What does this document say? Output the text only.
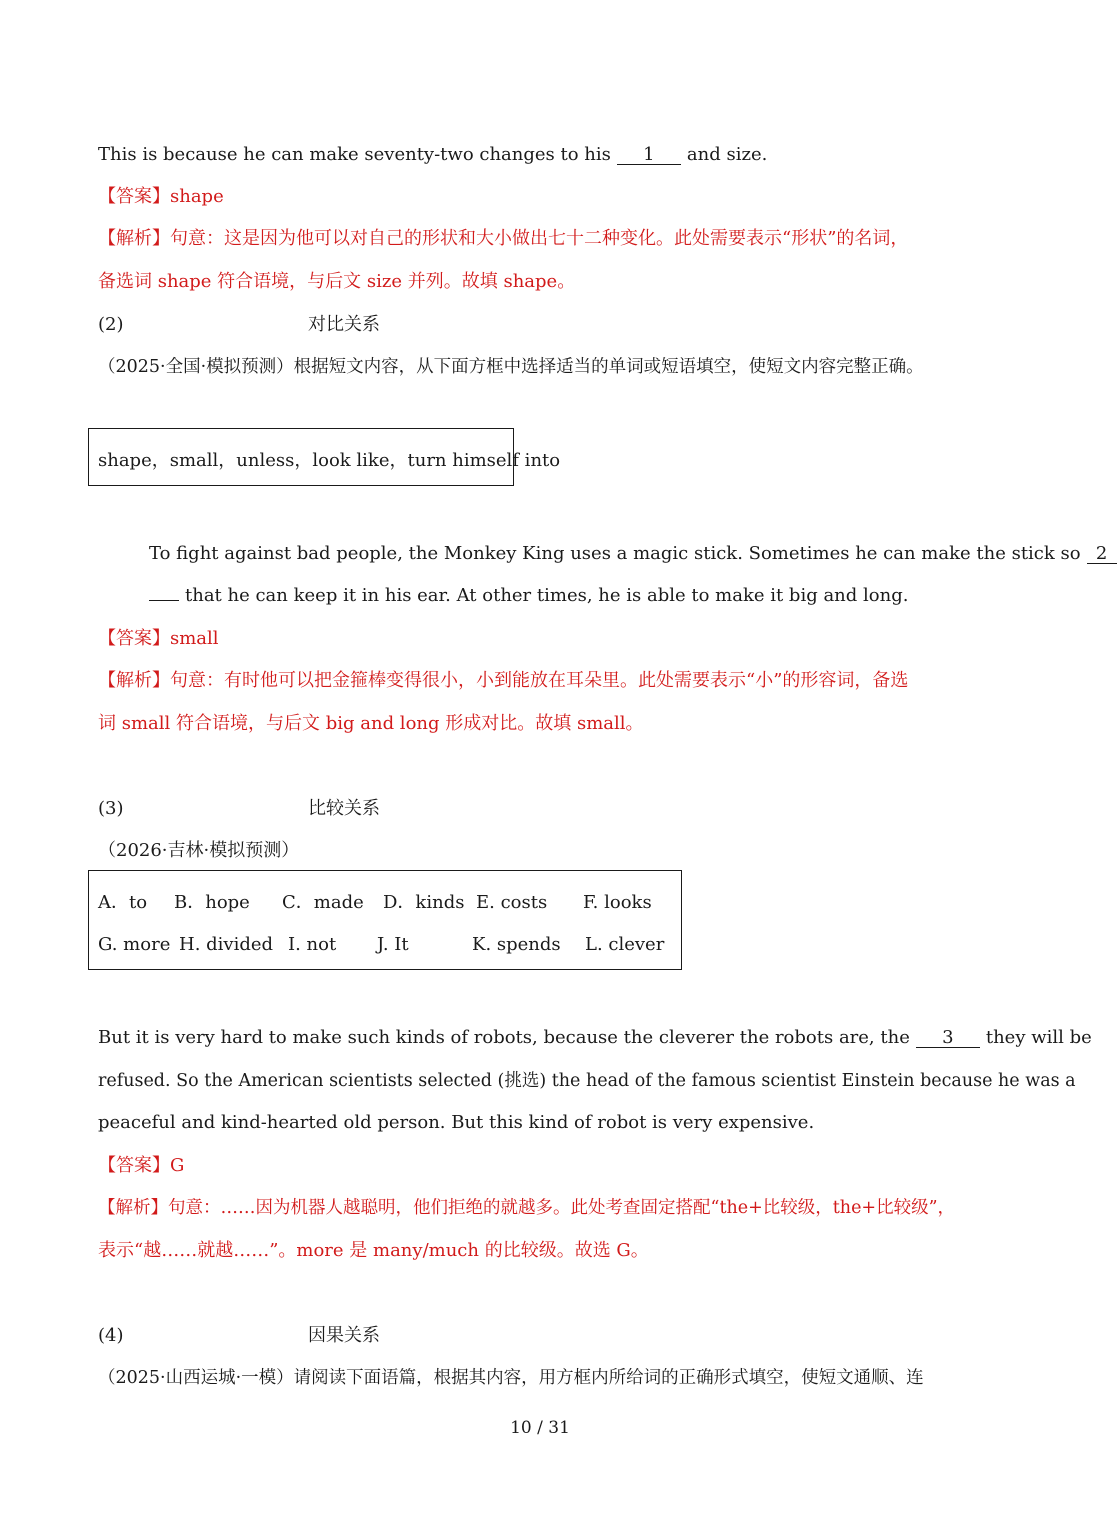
This is because he can make seventy-two changes to his 1 and size.
【答案】shape
【解析】句意：这是因为他可以对自己的形状和大小做出七十二种变化。此处需要表示“形状”的名词，
备选词 shape 符合语境，与后文 size 并列。故填 shape。
(2)	对比关系
（2025·全国·模拟预测）根据短文内容，从下面方框中选择适当的单词或短语填空，使短文内容完整正确。
shape，small，unless，look like，turn himself into
To fight against bad people, the Monkey King uses a magic stick. Sometimes he can make the stick so 2
that he can keep it in his ear. At other times, he is able to make it big and long.
【答案】small
【解析】句意：有时他可以把金箍棒变得很小，小到能放在耳朵里。此处需要表示“小”的形容词，备选
词 small 符合语境，与后文 big and long 形成对比。故填 small。
(3)	比较关系
（2026·吉林·模拟预测）
A．to B．hope C．made D．kinds E. costs F. looks
G. more H. divided I. not J. It	K. spends L. clever
But it is very hard to make such kinds of robots, because the cleverer the robots are, the 3 they will be
refused. So the American scientists selected (挑选) the head of the famous scientist Einstein because he was a
peaceful and kind-hearted old person. But this kind of robot is very expensive.
【答案】G
【解析】句意：……因为机器人越聪明，他们拒绝的就越多。此处考查固定搭配“the+比较级，the+比较级”，
表示“越……就越……”。more 是 many/much 的比较级。故选 G。
(4)	因果关系
（2025·山西运城·一模）请阅读下面语篇，根据其内容，用方框内所给词的正确形式填空，使短文通顺、连
10 / 31
